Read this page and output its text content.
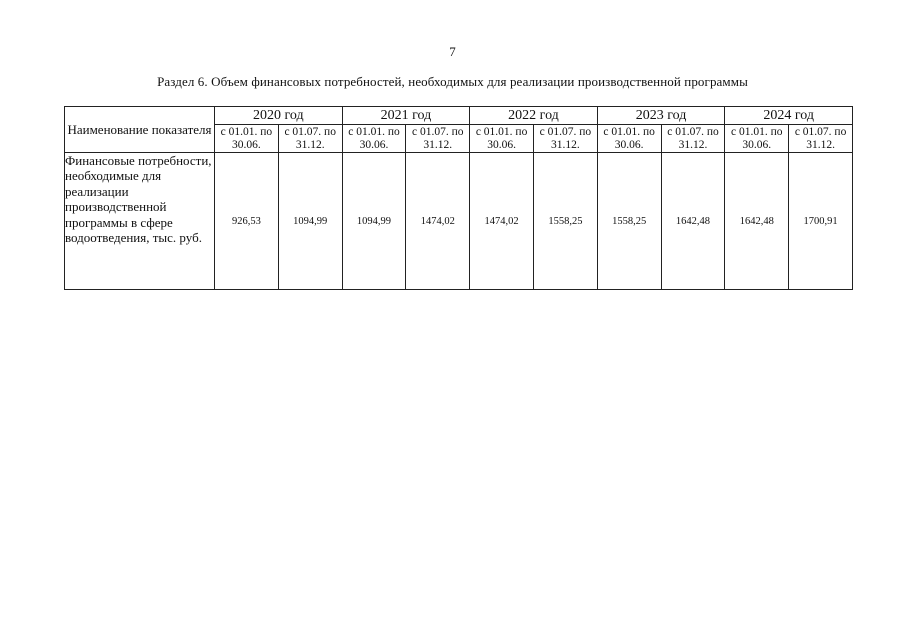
7
Раздел 6. Объем финансовых потребностей, необходимых для реализации производственной программы
Наименование показателя	2020 год		2021 год		2022 год		2023 год		2024 год	
	с 01.01. по 30.06.	с 01.07. по 31.12.	с 01.01. по 30.06.	с 01.07. по 31.12.	с 01.01. по 30.06.	с 01.07. по 31.12.	с 01.01. по 30.06.	с 01.07. по 31.12.	с 01.01. по 30.06.	с 01.07. по 31.12.
Финансовые потребности, необходимые для реализации производственной программы в сфере водоотведения, тыс. руб.	926,53	1094,99	1094,99	1474,02	1474,02	1558,25	1558,25	1642,48	1642,48	1700,91
